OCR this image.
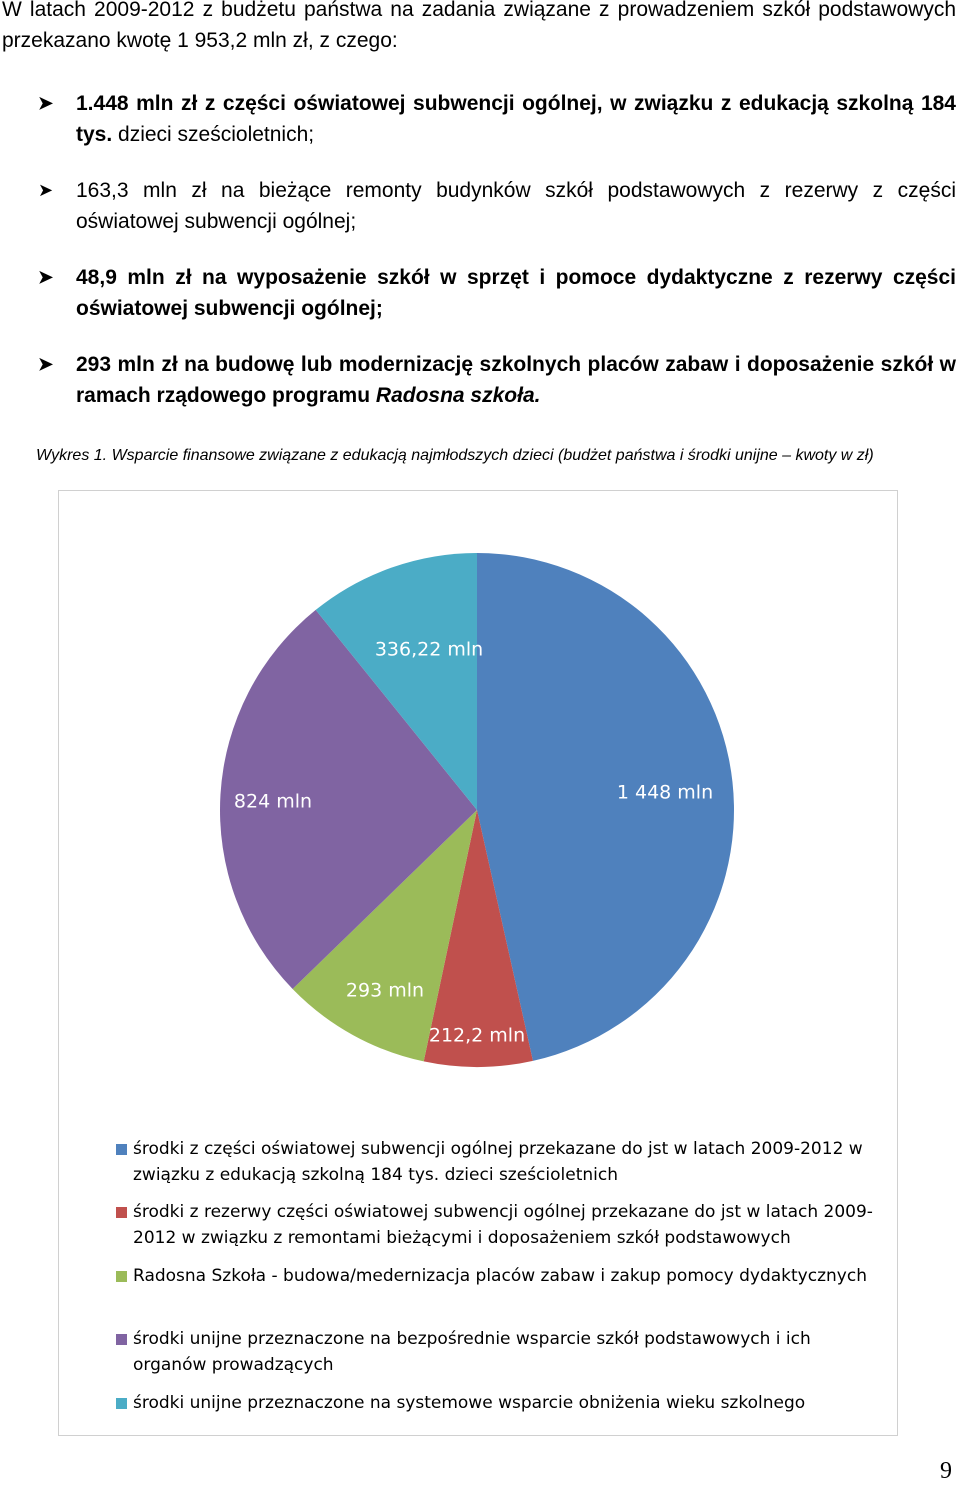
W latach 2009-2012 z budżetu państwa na zadania związane z prowadzeniem szkół podstawowych przekazano kwotę 1 953,2 mln zł, z czego:
➤ 1.448 mln zł z części oświatowej subwencji ogólnej, w związku z edukacją szkolną 184 tys. dzieci sześcioletnich;
➤ 163,3 mln zł na bieżące remonty budynków szkół podstawowych z rezerwy z części oświatowej subwencji ogólnej;
➤ 48,9 mln zł na wyposażenie szkół w sprzęt i pomoce dydaktyczne z rezerwy części oświatowej subwencji ogólnej;
➤ 293 mln zł na budowę lub modernizację szkolnych placów zabaw i doposażenie szkół w ramach rządowego programu Radosna szkoła.
Wykres 1. Wsparcie finansowe związane z edukacją najmłodszych dzieci (budżet państwa i środki unijne – kwoty w zł)
1 448 mln
212,2 mln
293 mln
824 mln
336,22 mln
środki z części oświatowej subwencji ogólnej przekazane do jst w latach 2009-2012 w związku z edukacją szkolną 184 tys. dzieci sześcioletnich
środki z rezerwy części oświatowej subwencji ogólnej przekazane do jst w latach 2009-2012 w związku z remontami bieżącymi i doposażeniem szkół podstawowych
Radosna Szkoła - budowa/medernizacja placów zabaw i zakup pomocy dydaktycznych
środki unijne przeznaczone na bezpośrednie wsparcie szkół podstawowych i ich organów prowadzących
środki unijne przeznaczone na systemowe wsparcie obniżenia wieku szkolnego
9
